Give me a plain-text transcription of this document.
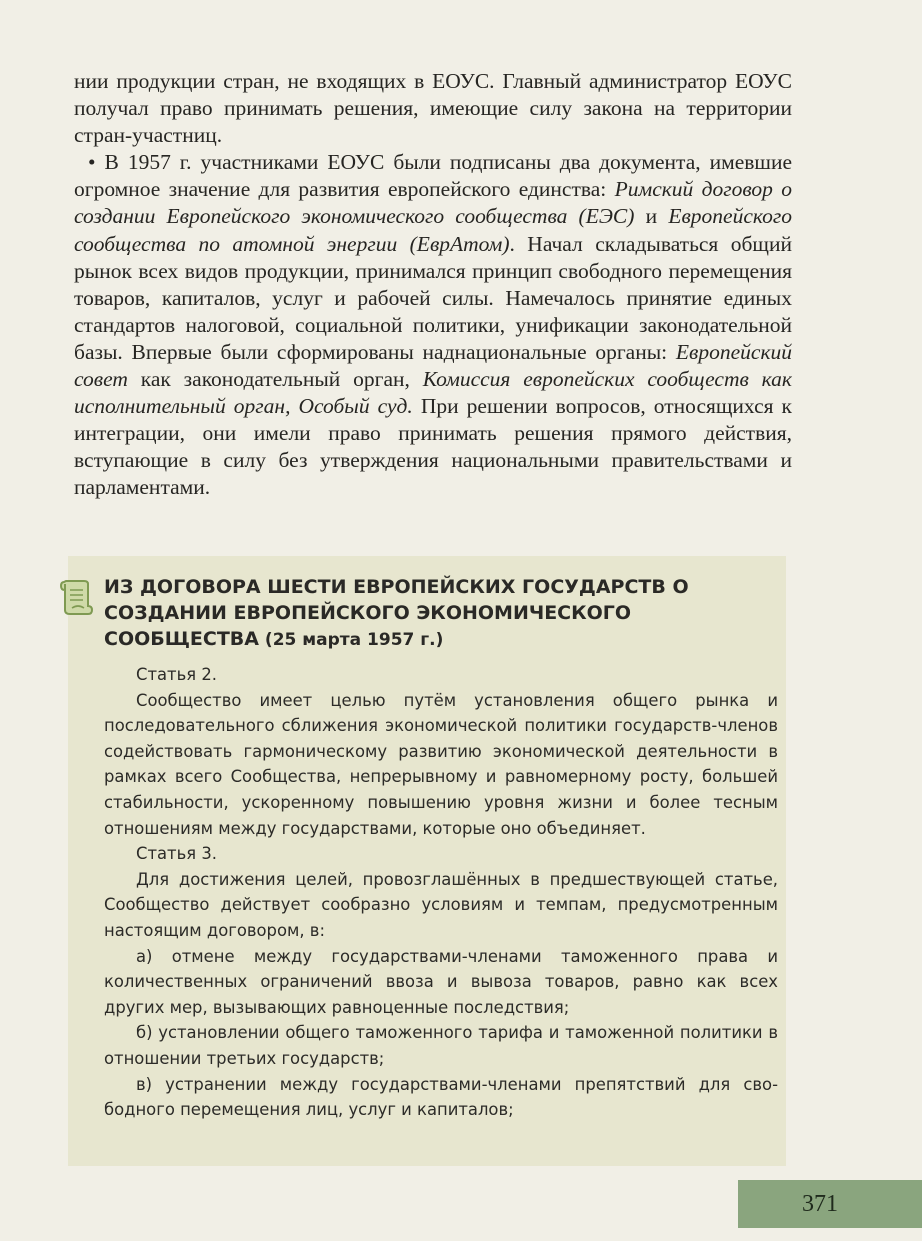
нии продукции стран, не входящих в ЕОУС. Главный администратор ЕОУС получал право принимать решения, имеющие силу закона на территории стран-участниц.

• В 1957 г. участниками ЕОУС были подписаны два документа, имевшие огромное значение для развития европейского единства: Римский договор о создании Европейского экономического сообщества (ЕЭС) и Европейского сообщества по атомной энергии (ЕврАтом). Начал складываться общий рынок всех видов продукции, принимался принцип свободного перемещения товаров, капиталов, услуг и рабочей силы. Намечалось принятие единых стандартов налоговой, социальной политики, унификации законодательной базы. Впервые были сформированы наднациональные органы: Европейский совет как законодательный орган, Комиссия европейских сообществ как исполнительный орган, Особый суд. При решении вопросов, относящихся к интеграции, они имели право принимать решения прямого действия, вступающие в силу без утверждения национальными правительствами и парламентами.

ИЗ ДОГОВОРА ШЕСТИ ЕВРОПЕЙСКИХ ГОСУДАРСТВ О СОЗДАНИИ ЕВРОПЕЙСКОГО ЭКОНОМИЧЕСКОГО СООБЩЕСТВА (25 марта 1957 г.)

Статья 2.

Сообщество имеет целью путём установления общего рынка и последовательного сближения экономической политики государств-членов содействовать гармоническому развитию экономической деятельности в рамках всего Сообщества, непрерывному и равномерному росту, большей стабильности, ускоренному повышению уровня жизни и более тесным отношениям между государствами, которые оно объединяет.

Статья 3.

Для достижения целей, провозглашённых в предшествующей статье, Сообщество действует сообразно условиям и темпам, предусмотренным настоящим договором, в:

а) отмене между государствами-членами таможенного права и количественных ограничений ввоза и вывоза товаров, равно как всех других мер, вызывающих равноценные последствия;

б) установлении общего таможенного тарифа и таможенной политики в отношении третьих государств;

в) устранении между государствами-членами препятствий для свободного перемещения лиц, услуг и капиталов;

371
